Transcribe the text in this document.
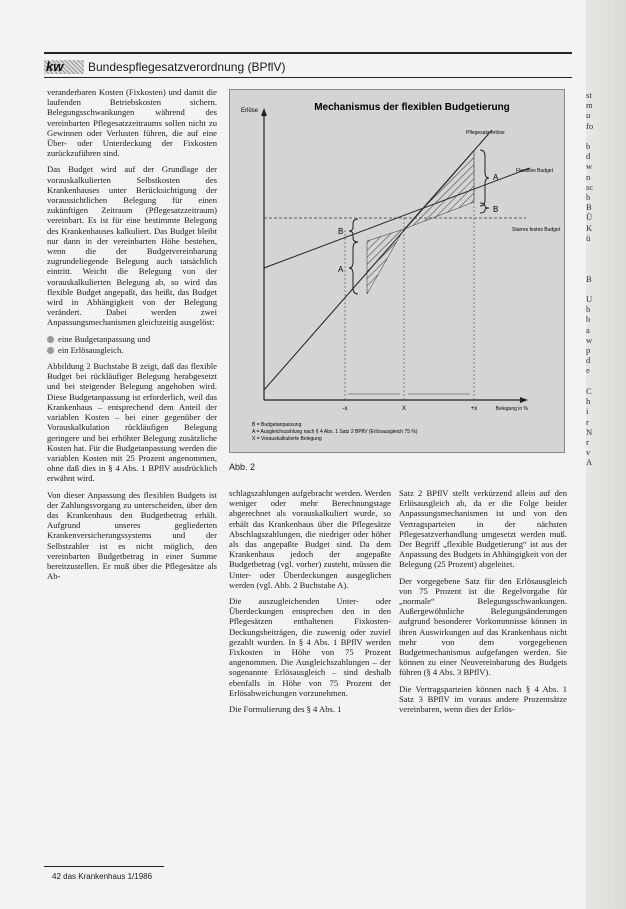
kw	Bundespflegesatzverordnung (BPflV)

veranderbaren Kosten (Fixkosten) und damit die laufenden Betriebskosten sichern. Belegungsschwankungen während des vereinbarten Pflegesatzzeitraums sollen nicht zu Gewinnen oder Verlusten führen, die auf eine Über- oder Unterdeckung der Fixkosten zurückzuführen sind.

Das Budget wird auf der Grundlage der vorauskalkulierten Selbstkosten des Krankenhauses unter Berücksichtigung der voraussichtlichen Belegung für einen zukünftigen Zeitraum (Pflegesatzzeitraum) vereinbart. Es ist für eine bestimmte Belegung des Krankenhauses kalkuliert. Das Budget bleibt nur dann in der vereinbarten Höhe bestehen, wenn die der Budgetvereinbarung zugrundeliegende Belegung auch tatsächlich eintritt. Weicht die Belegung von der vorauskalkulierten Belegung ab, so wird das flexible Budget angepaßt, das heißt, das Budget wird in Abhängigkeit von der Belegung verändert. Dabei werden zwei Anpassungsmechanismen gleichzeitig ausgelöst:

eine Budgetanpassung und
ein Erlösausgleich.

Abbildung 2 Buchstabe B zeigt, daß das flexible Budget bei rückläufiger Belegung herabgesetzt und bei steigender Belegung angehoben wird. Diese Budgetanpassung ist erforderlich, weil das Krankenhaus – entsprechend dem Anteil der variablen Kosten – bei einer gegenüber der Vorauskalkulation rückläufigen Belegung geringere und bei erhöhter Belegung zusätzliche Kosten hat. Für die Budgetanpassung werden die variablen Kosten mit 25 Prozent angenommen, ohne daß dies in § 4 Abs. 1 BPflV ausdrücklich erwähnt wird.

Von dieser Anpassung des flexiblen Budgets ist der Zahlungsvorgang zu unterscheiden, über den das Krankenhaus den Budgetbetrag erhält. Aufgrund unseres gegliederten Krankenversicherungssystems und der Selbstzahler ist es nicht möglich, den vereinbarten Budgetbetrag in einer Summe bereitzustellen. Er muß über die Pflegesätze als Ab-

Erlöse	Mechanismus der flexiblen Budgetierung
B
A
A
B
Pflegesatz-erlöse
Flexibles Budget
Starres festes Budget
-x	X	+x	Belegung in %
B = Budgetanpassung
A = Ausgleichszahlung nach § 4 Abs. 1 Satz 2 BPflV (Erlösausgleich 75 %)
X = Vorauskalkulierte Belegung
Abb. 2

schlagszahlungen aufgebracht werden. Werden weniger oder mehr Berechnungstage abgerechnet als vorauskalkuliert wurde, so erhält das Krankenhaus über die Pflegesätze Abschlagszahlungen, die niedriger oder höher als das angepaßte Budget sind. Da dem Krankenhaus jedoch der angepaßte Budgetbetrag (vgl. vorher) zusteht, müssen die Unter- oder Überdeckungen ausgeglichen werden (vgl. Abb. 2 Buchstabe A).

Die auszugleichenden Unter- oder Überdeckungen entsprechen den in den Pflegesätzen enthaltenen Fixkosten-Deckungsbeiträgen, die zuwenig oder zuviel gezahlt wurden. In § 4 Abs. 1 BPflV werden Fixkosten in Höhe von 75 Prozent angenommen. Die Ausgleichszahlungen – der sogenannte Erlösausgleich – sind deshalb ebenfalls in Höhe von 75 Prozent der Erlösabweichungen vorzunehmen.

Die Formulierung des § 4 Abs. 1

Satz 2 BPflV stellt verkürzend allein auf den Erlösausgleich ab, da er die Folge beider Anpassungsmechanismen ist und von den Vertragsparteien in der nächsten Pflegesatzverhandlung umgesetzt werden muß. Der Begriff „flexible Budgetierung“ ist aus der Anpassung des Budgets in Abhängigkeit von der Belegung (25 Prozent) abgeleitet.

Der vorgegebene Satz für den Erlösausgleich von 75 Prozent ist die Regelvorgabe für „normale“ Belegungsschwankungen. Außergewöhnliche Belegungsänderungen aufgrund besonderer Vorkommnisse können in ihren Auswirkungen auf das Krankenhaus nicht mehr von dem vorgegebenen Budgetmechanismus aufgefangen werden. Sie können zu einer Neuvereinbarung des Budgets führen (§ 4 Abs. 3 BPflV).

Die Vertragsparteien können nach § 4 Abs. 1 Satz 3 BPflV im voraus andere Prozentsätze vereinbaren, wenn dies der Erlös-

st
m
u
fo

b
d
w
n
sc
b
B
Ü
K
ü

B

U
b
b
a
w
p
d
e

C
h
i
r
N
r
v
A
42 das Krankenhaus 1/1986
